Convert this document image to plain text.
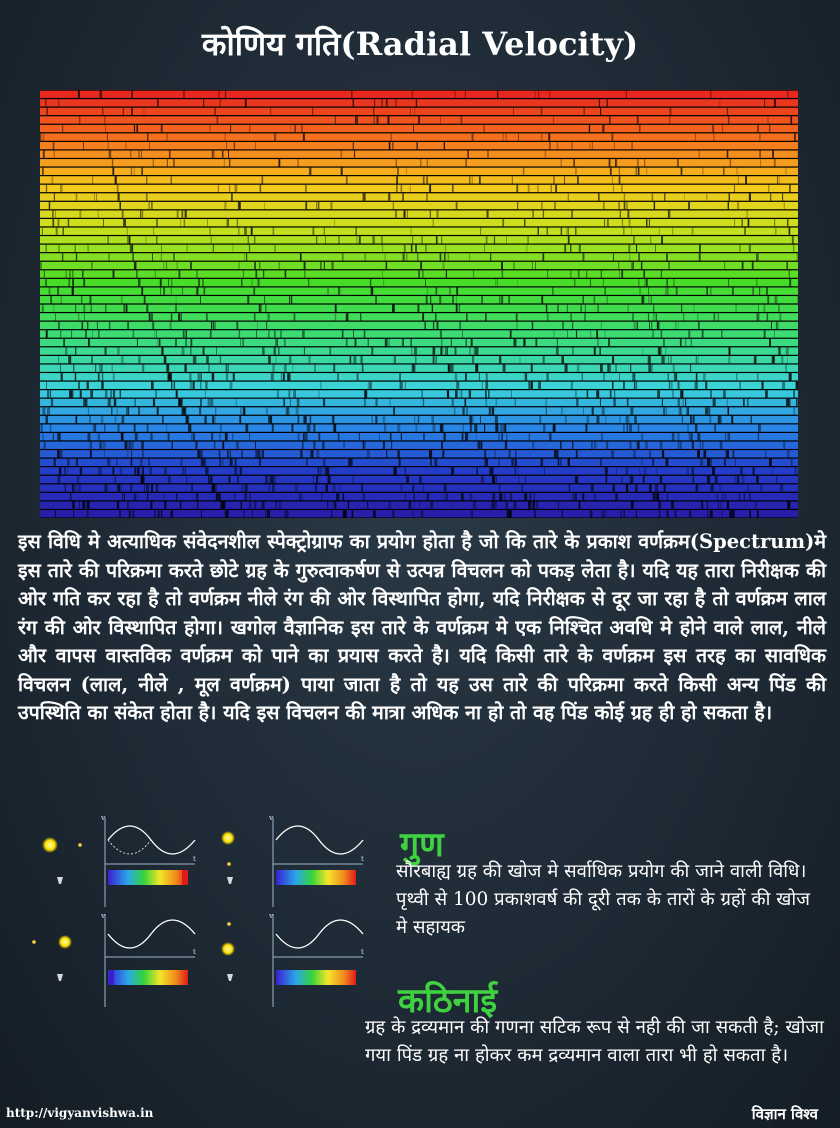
कोणिय गति(Radial Velocity)
इस विधि मे अत्याधिक संवेदनशील स्पेक्ट्रोग्राफ का प्रयोग होता है जो कि तारे के प्रकाश वर्णक्रम(Spectrum)मे इस तारे की परिक्रमा करते छोटे ग्रह के गुरुत्वाकर्षण से उत्पन्न विचलन को पकड़ लेता है। यदि यह तारा निरीक्षक की ओर गति कर रहा है तो वर्णक्रम नीले रंग की ओर विस्थापित होगा, यदि निरीक्षक से दूर जा रहा है तो वर्णक्रम लाल रंग की ओर विस्थापित होगा। खगोल वैज्ञानिक इस तारे के वर्णक्रम मे एक निश्चित अवधि मे होने वाले लाल, नीले और वापस वास्तविक वर्णक्रम को पाने का प्रयास करते है। यदि किसी तारे के वर्णक्रम इस तरह का सावधिक विचलन (लाल, नीले , मूल वर्णक्रम) पाया जाता है तो यह उस तारे की परिक्रमा करते किसी अन्य पिंड की उपस्थिति का संकेत होता है। यदि इस विचलन की मात्रा अधिक ना हो तो वह पिंड कोई ग्रह ही हो सकता है।
v
t
v
t
v
t
v
t
गुण
सौरबाह्य ग्रह की खोज मे सर्वाधिक प्रयोग की जाने वाली विधि। पृथ्वी से 100 प्रकाशवर्ष की दूरी तक के तारों के ग्रहों की खोज मे सहायक
कठिनाई
ग्रह के द्रव्यमान की गणना सटिक रूप से नही की जा सकती है; खोजा गया पिंड ग्रह ना होकर कम द्रव्यमान वाला तारा भी हो सकता है।
http://vigyanvishwa.in	विज्ञान विश्व
